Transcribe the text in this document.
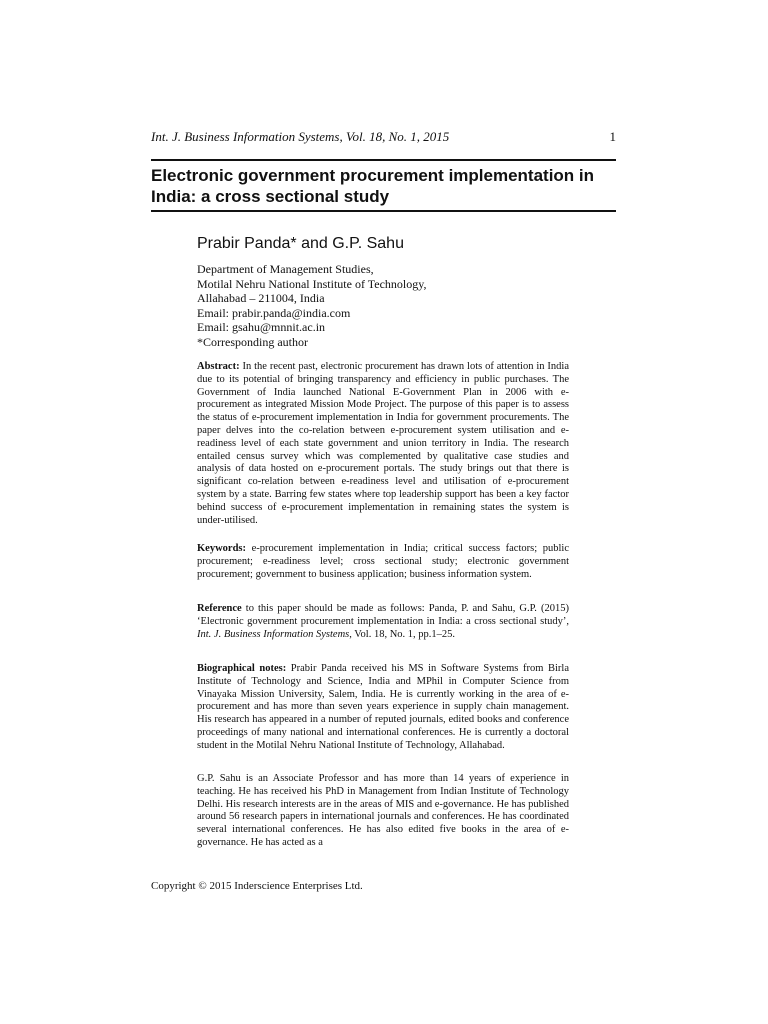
Int. J. Business Information Systems, Vol. 18, No. 1, 2015	1
Electronic government procurement implementation in India: a cross sectional study
Prabir Panda* and G.P. Sahu
Department of Management Studies,
Motilal Nehru National Institute of Technology,
Allahabad – 211004, India
Email: prabir.panda@india.com
Email: gsahu@mnnit.ac.in
*Corresponding author

Abstract: In the recent past, electronic procurement has drawn lots of attention in India due to its potential of bringing transparency and efficiency in public purchases. The Government of India launched National E-Government Plan in 2006 with e-procurement as integrated Mission Mode Project. The purpose of this paper is to assess the status of e-procurement implementation in India for government procurements. The paper delves into the co-relation between e-procurement system utilisation and e-readiness level of each state government and union territory in India. The research entailed census survey which was complemented by qualitative case studies and analysis of data hosted on e-procurement portals. The study brings out that there is significant co-relation between e-readiness level and utilisation of e-procurement system by a state. Barring few states where top leadership support has been a key factor behind success of e-procurement implementation in remaining states the system is under-utilised.

Keywords: e-procurement implementation in India; critical success factors; public procurement; e-readiness level; cross sectional study; electronic government procurement; government to business application; business information system.

Reference to this paper should be made as follows: Panda, P. and Sahu, G.P. (2015) ‘Electronic government procurement implementation in India: a cross sectional study’, Int. J. Business Information Systems, Vol. 18, No. 1, pp.1–25.

Biographical notes: Prabir Panda received his MS in Software Systems from Birla Institute of Technology and Science, India and MPhil in Computer Science from Vinayaka Mission University, Salem, India. He is currently working in the area of e-procurement and has more than seven years experience in supply chain management. His research has appeared in a number of reputed journals, edited books and conference proceedings of many national and international conferences. He is currently a doctoral student in the Motilal Nehru National Institute of Technology, Allahabad.

G.P. Sahu is an Associate Professor and has more than 14 years of experience in teaching. He has received his PhD in Management from Indian Institute of Technology Delhi. His research interests are in the areas of MIS and e-governance. He has published around 56 research papers in international journals and conferences. He has coordinated several international conferences. He has also edited five books in the area of e-governance. He has acted as a

Copyright © 2015 Inderscience Enterprises Ltd.
